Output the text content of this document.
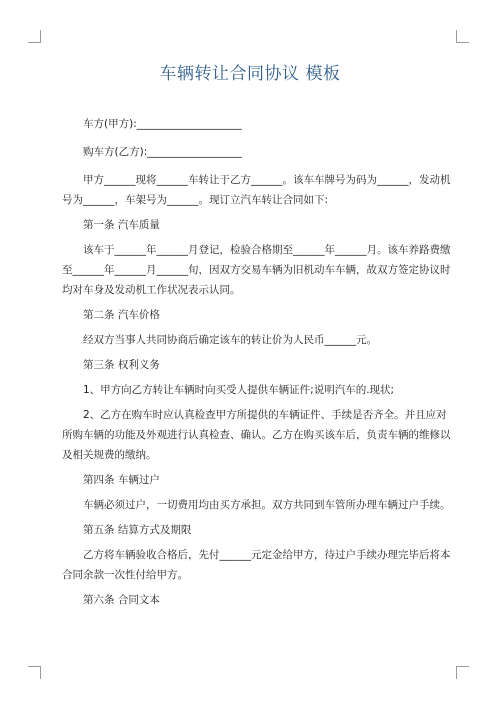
车辆转让合同协议 模板
车方(甲方):____________________
购车方(乙方):__________________
甲方______现将______车转让于乙方______。该车车牌号为码为______，发动机
号为______，车架号为______。现订立汽车转让合同如下:
第一条 汽车质量
该车于______年______月登记，检验合格期至______年______月。该车养路费缴
至______年______月______旬，因双方交易车辆为旧机动车车辆，故双方签定协议时
均对车身及发动机工作状况表示认同。
第二条 汽车价格
经双方当事人共同协商后确定该车的转让价为人民币______元。
第三条 权利义务
1、甲方向乙方转让车辆时向买受人提供车辆证件;说明汽车的.现状;
2、乙方在购车时应认真检查甲方所提供的车辆证件、手续是否齐全。并且应对
所购车辆的功能及外观进行认真检查、确认。乙方在购买该车后，负责车辆的维修以
及相关规费的缴纳。
第四条 车辆过户
车辆必须过户，一切费用均由买方承担。双方共同到车管所办理车辆过户手续。
第五条 结算方式及期限
乙方将车辆验收合格后，先付______元定金给甲方，待过户手续办理完毕后将本
合同余款一次性付给甲方。
第六条 合同文本
